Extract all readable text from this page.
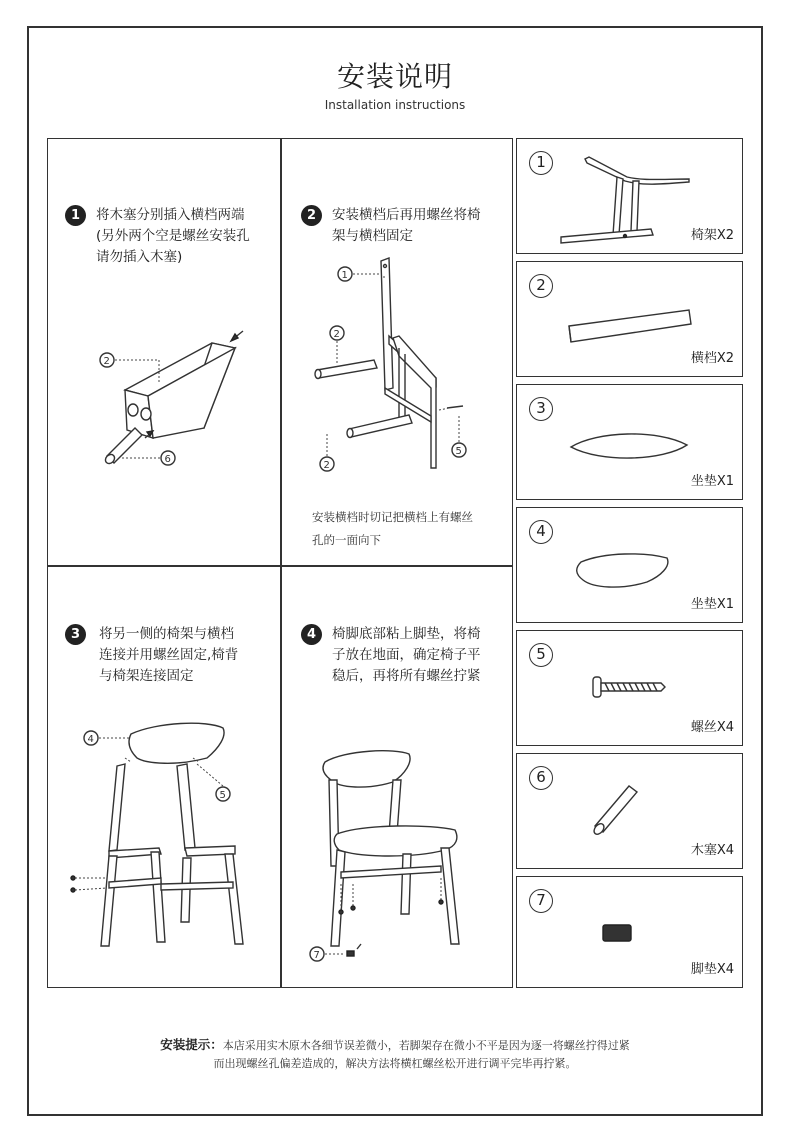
安装说明
Installation instructions
1	将木塞分别插入横档两端
(另外两个空是螺丝安装孔
请勿插入木塞)
2
6
2	安装横档后再用螺丝将椅
架与横档固定
1
2
2
5
安装横档时切记把横档上有螺丝
孔的一面向下
3	将另一侧的椅架与横档
连接并用螺丝固定,椅背
与椅架连接固定
4
5
4	椅脚底部粘上脚垫，将椅
子放在地面，确定椅子平
稳后，再将所有螺丝拧紧
7
1
椅架X2
2
横档X2
3
坐垫X1
4
坐垫X1
5
螺丝X4
6
木塞X4
7
脚垫X4
安装提示：本店采用实木原木各细节误差微小，若脚架存在微小不平是因为逐一将螺丝拧得过紧
而出现螺丝孔偏差造成的，解决方法将横杠螺丝松开进行调平完毕再拧紧。
